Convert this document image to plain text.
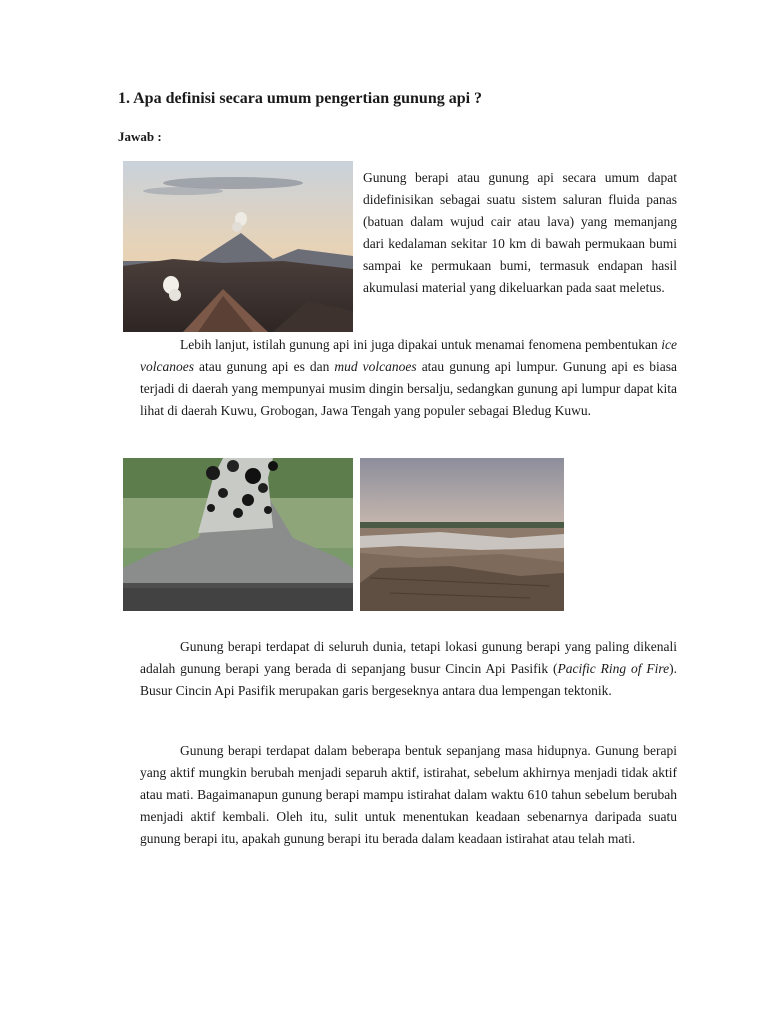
1. Apa definisi secara umum pengertian gunung api ?
Jawab :
Gunung berapi atau gunung api secara umum dapat didefinisikan sebagai suatu sistem saluran fluida panas (batuan dalam wujud cair atau lava) yang memanjang dari kedalaman sekitar 10 km di bawah permukaan bumi sampai ke permukaan bumi, termasuk endapan hasil akumulasi material yang dikeluarkan pada saat meletus.
Lebih lanjut, istilah gunung api ini juga dipakai untuk menamai fenomena pembentukan ice volcanoes atau gunung api es dan mud volcanoes atau gunung api lumpur. Gunung api es biasa terjadi di daerah yang mempunyai musim dingin bersalju, sedangkan gunung api lumpur dapat kita lihat di daerah Kuwu, Grobogan, Jawa Tengah yang populer sebagai Bledug Kuwu.
Gunung berapi terdapat di seluruh dunia, tetapi lokasi gunung berapi yang paling dikenali adalah gunung berapi yang berada di sepanjang busur Cincin Api Pasifik (Pacific Ring of Fire). Busur Cincin Api Pasifik merupakan garis bergeseknya antara dua lempengan tektonik.
Gunung berapi terdapat dalam beberapa bentuk sepanjang masa hidupnya. Gunung berapi yang aktif mungkin berubah menjadi separuh aktif, istirahat, sebelum akhirnya menjadi tidak aktif atau mati. Bagaimanapun gunung berapi mampu istirahat dalam waktu 610 tahun sebelum berubah menjadi aktif kembali. Oleh itu, sulit untuk menentukan keadaan sebenarnya daripada suatu gunung berapi itu, apakah gunung berapi itu berada dalam keadaan istirahat atau telah mati.
